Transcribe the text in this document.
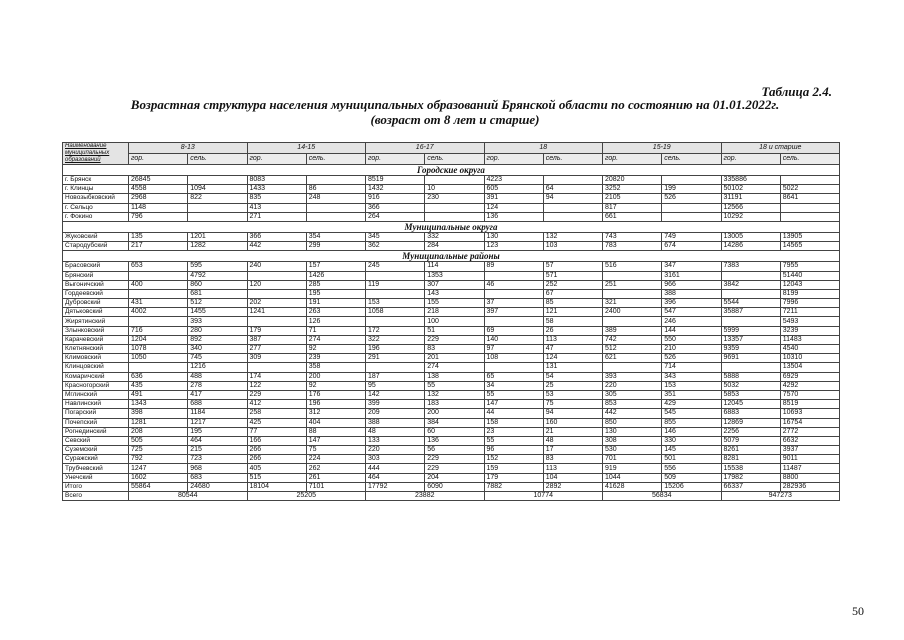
Таблица 2.4.
Возрастная структура населения муниципальных образований Брянской области по состоянию на 01.01.2022г.
(возраст от 8 лет и старше)
Наименование муниципальных образований	8-13		14-15		16-17		18		15-19		18 и старше	
	гор.	сель.	гор.	сель.	гор.	сель.	гор.	сель.	гор.	сель.	гор.	сель.
Городские округа												
г. Брянск	26845		8083		8519		4223		20820		335886	
г. Клинцы	4558	1094	1433	86	1432	10	605	64	3252	199	50102	5022
Новозыбковский	2968	822	835	248	916	230	391	94	2105	526	31191	8641
г. Сельцо	1148		413		366		124		817		12566	
г. Фокино	796		271		264		136		661		10292	
Муниципальные округа												
Жуковский	135	1201	366	354	345	332	130	132	743	749	13005	13905
Стародубский	217	1282	442	299	362	284	123	103	783	674	14286	14565
Муниципальные районы												
Брасовский	653	595	240	157	245	114	89	57	516	347	7383	7955
Брянский		4792		1426		1353		571		3161		51440
Выгоничский	400	860	120	285	119	307	46	252	251	966	3842	12043
Гордеевский		681		195		143		67		388		8199
Дубровский	431	512	202	191	153	155	37	85	321	396	5544	7996
Дятьковский	4002	1455	1241	263	1058	218	397	121	2400	547	35887	7211
Жирятинский		393		126		100		58		246		5493
Злынковский	716	280	179	71	172	51	69	26	389	144	5999	3239
Карачевский	1204	892	387	274	322	229	140	113	742	550	13357	11483
Клетнянский	1078	340	277	92	196	83	97	47	512	210	9359	4540
Климовский	1050	745	309	239	291	201	108	124	621	526	9691	10310
Клинцовский		1216		358		274		131		714		13504
Комаричский	636	488	174	200	187	138	65	54	393	343	5888	6929
Красногорский	435	278	122	92	95	55	34	25	220	153	5032	4292
Мглинский	491	417	229	176	142	132	55	53	305	351	5853	7570
Навлинский	1343	688	412	196	399	183	147	75	853	429	12045	8519
Погарский	398	1184	258	312	209	200	44	94	442	545	6883	10693
Почепский	1281	1217	425	404	388	384	158	160	850	855	12869	16754
Рогнединский	208	195	77	88	48	60	23	21	130	146	2256	2772
Севский	505	464	166	147	133	136	55	48	308	330	5079	6632
Суземский	725	215	266	75	220	56	96	17	530	145	8261	3937
Суражский	792	723	266	224	303	229	152	83	701	501	8281	9011
Трубчевский	1247	968	405	262	444	229	159	113	919	556	15538	11487
Унечский	1602	683	515	261	464	204	179	104	1044	509	17982	8800
Итого	55864	24680	18104	7101	17792	6090	7882	2892	41628	15206	66337	282936
Всего	80544		25205		23882		10774		56834		947273	
50
